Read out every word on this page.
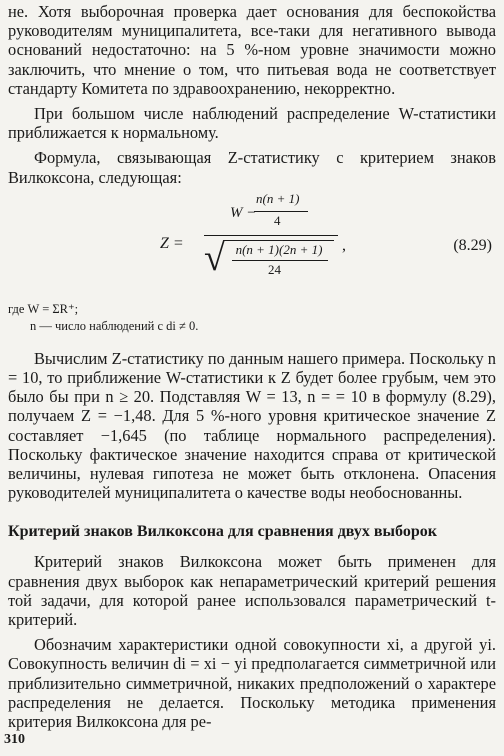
не. Хотя выборочная проверка дает основания для беспокойства руководителям муниципалитета, все-таки для негативного вывода оснований недостаточно: на 5 %-ном уровне значимости можно заключить, что мнение о том, что питьевая вода не соответствует стандарту Комитета по здравоохранению, некорректно.

При большом числе наблюдений распределение W-статистики приближается к нормальному.

Формула, связывающая Z-статистику с критерием знаков Вилкоксона, следующая:

Z =
W −
n(n + 1)
4
√ n(n + 1)(2n + 1)
24
,	(8.29)

где W = ΣR⁺;

n — число наблюдений с di ≠ 0.

Вычислим Z-статистику по данным нашего примера. Поскольку n = 10, то приближение W-статистики к Z будет более грубым, чем это было бы при n ≥ 20. Подставляя W = 13, n = = 10 в формулу (8.29), получаем Z = −1,48. Для 5 %-ного уровня критическое значение Z составляет −1,645 (по таблице нормального распределения). Поскольку фактическое значение находится справа от критической величины, нулевая гипотеза не может быть отклонена. Опасения руководителей муниципалитета о качестве воды необоснованны.

Критерий знаков Вилкоксона для сравнения двух выборок

Критерий знаков Вилкоксона может быть применен для сравнения двух выборок как непараметрический критерий решения той задачи, для которой ранее использовался параметрический t-критерий.

Обозначим характеристики одной совокупности xi, а другой yi. Совокупность величин di = xi − yi предполагается симметричной или приблизительно симметричной, никаких предположений о характере распределения не делается. Поскольку методика применения критерия Вилкоксона для ре-

310
